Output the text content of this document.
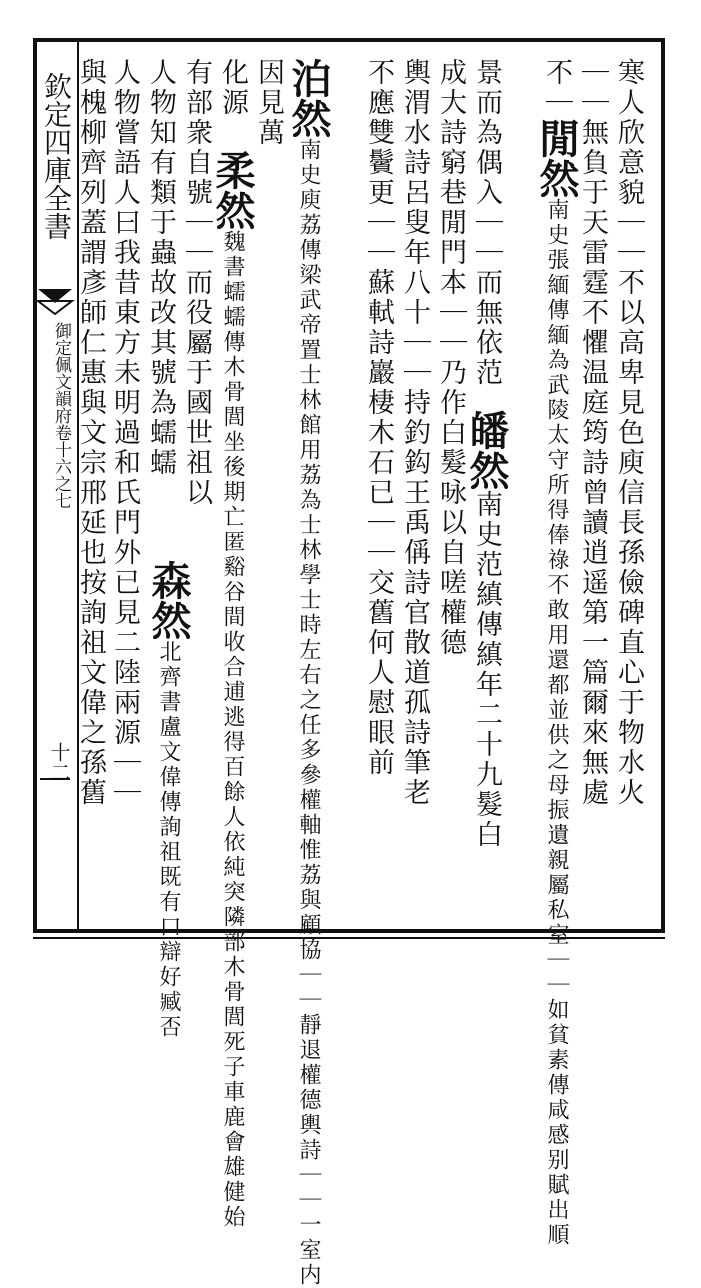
欽定四庫全書
御定佩文韻府卷十六之七
十二	寒人欣意貌｜｜不以高卑見色庾信長孫儉碑直心于物水火
｜｜無負于天雷霆不懼温庭筠詩曾讀逍遥第一篇爾來無處
不｜閒然南史張緬傳緬為武陵太守所得俸祿不敢用還都並供之母振遺親屬私室｜｜如貧素傳咸感别賦出順
景而為偶入｜｜而無依范
皤然南史范縝傳縝年二十九髮白
成大詩窮巷閒門本｜｜乃作白髮咏以自嗟權德
輿渭水詩呂叟年八十｜｜持釣鈎王禹偁詩官散道孤詩筆老
不應雙鬢更｜｜蘇軾詩巖棲木石已｜｜交舊何人慰眼前
泊然南史庾荔傳梁武帝置士林館用荔為士林學士時左右之任多參權軸惟荔與顧協｜｜靜退權德輿詩｜｜一室内
因見萬
化源
柔然魏書蠕蠕傳木骨閭坐後期亡匿谿谷間收合逋逃得百餘人依純突隣部木骨閭死子車鹿會雄健始
有部衆自號｜｜而役屬于國世祖以
森然北齊書盧文偉傳詢祖既有口辯好臧否
人物知有類于蟲故改其號為蠕蠕
人物嘗語人曰我昔東方未明過和氏門外已見二陸兩源｜｜
與槐柳齊列蓋謂彥師仁惠與文宗邢延也按詢祖文偉之孫舊
